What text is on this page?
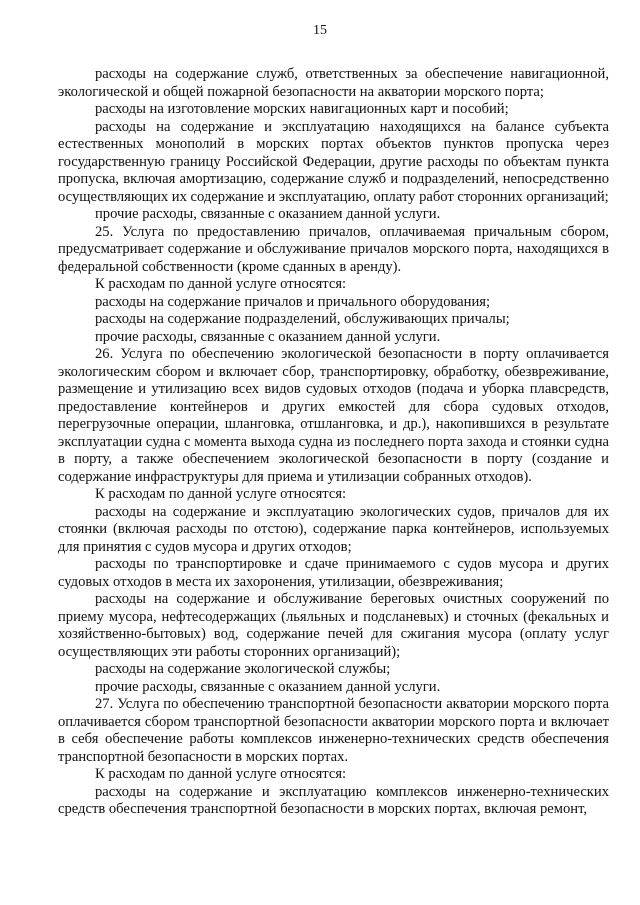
15

расходы на содержание служб, ответственных за обеспечение навигационной, экологической и общей пожарной безопасности на акватории морского порта;

расходы на изготовление морских навигационных карт и пособий;

расходы на содержание и эксплуатацию находящихся на балансе субъекта естественных монополий в морских портах объектов пунктов пропуска через государственную границу Российской Федерации, другие расходы по объектам пункта пропуска, включая амортизацию, содержание служб и подразделений, непосредственно осуществляющих их содержание и эксплуатацию, оплату работ сторонних организаций;

прочие расходы, связанные с оказанием данной услуги.

25. Услуга по предоставлению причалов, оплачиваемая причальным сбором, предусматривает содержание и обслуживание причалов морского порта, находящихся в федеральной собственности (кроме сданных в аренду).

К расходам по данной услуге относятся:

расходы на содержание причалов и причального оборудования;

расходы на содержание подразделений, обслуживающих причалы;

прочие расходы, связанные с оказанием данной услуги.

26. Услуга по обеспечению экологической безопасности в порту оплачивается экологическим сбором и включает сбор, транспортировку, обработку, обезвреживание, размещение и утилизацию всех видов судовых отходов (подача и уборка плавсредств, предоставление контейнеров и других емкостей для сбора судовых отходов, перегрузочные операции, шланговка, отшланговка, и др.), накопившихся в результате эксплуатации судна с момента выхода судна из последнего порта захода и стоянки судна в порту, а также обеспечением экологической безопасности в порту (создание и содержание инфраструктуры для приема и утилизации собранных отходов).

К расходам по данной услуге относятся:

расходы на содержание и эксплуатацию экологических судов, причалов для их стоянки (включая расходы по отстою), содержание парка контейнеров, используемых для принятия с судов мусора и других отходов;

расходы по транспортировке и сдаче принимаемого с судов мусора и других судовых отходов в места их захоронения, утилизации, обезвреживания;

расходы на содержание и обслуживание береговых очистных сооружений по приему мусора, нефтесодержащих (льяльных и подсланевых) и сточных (фекальных и хозяйственно-бытовых) вод, содержание печей для сжигания мусора (оплату услуг осуществляющих эти работы сторонних организаций);

расходы на содержание экологической службы;

прочие расходы, связанные с оказанием данной услуги.

27. Услуга по обеспечению транспортной безопасности акватории морского порта оплачивается сбором транспортной безопасности акватории морского порта и включает в себя обеспечение работы комплексов инженерно-технических средств обеспечения транспортной безопасности в морских портах.

К расходам по данной услуге относятся:

расходы на содержание и эксплуатацию комплексов инженерно-технических средств обеспечения транспортной безопасности в морских портах, включая ремонт,
